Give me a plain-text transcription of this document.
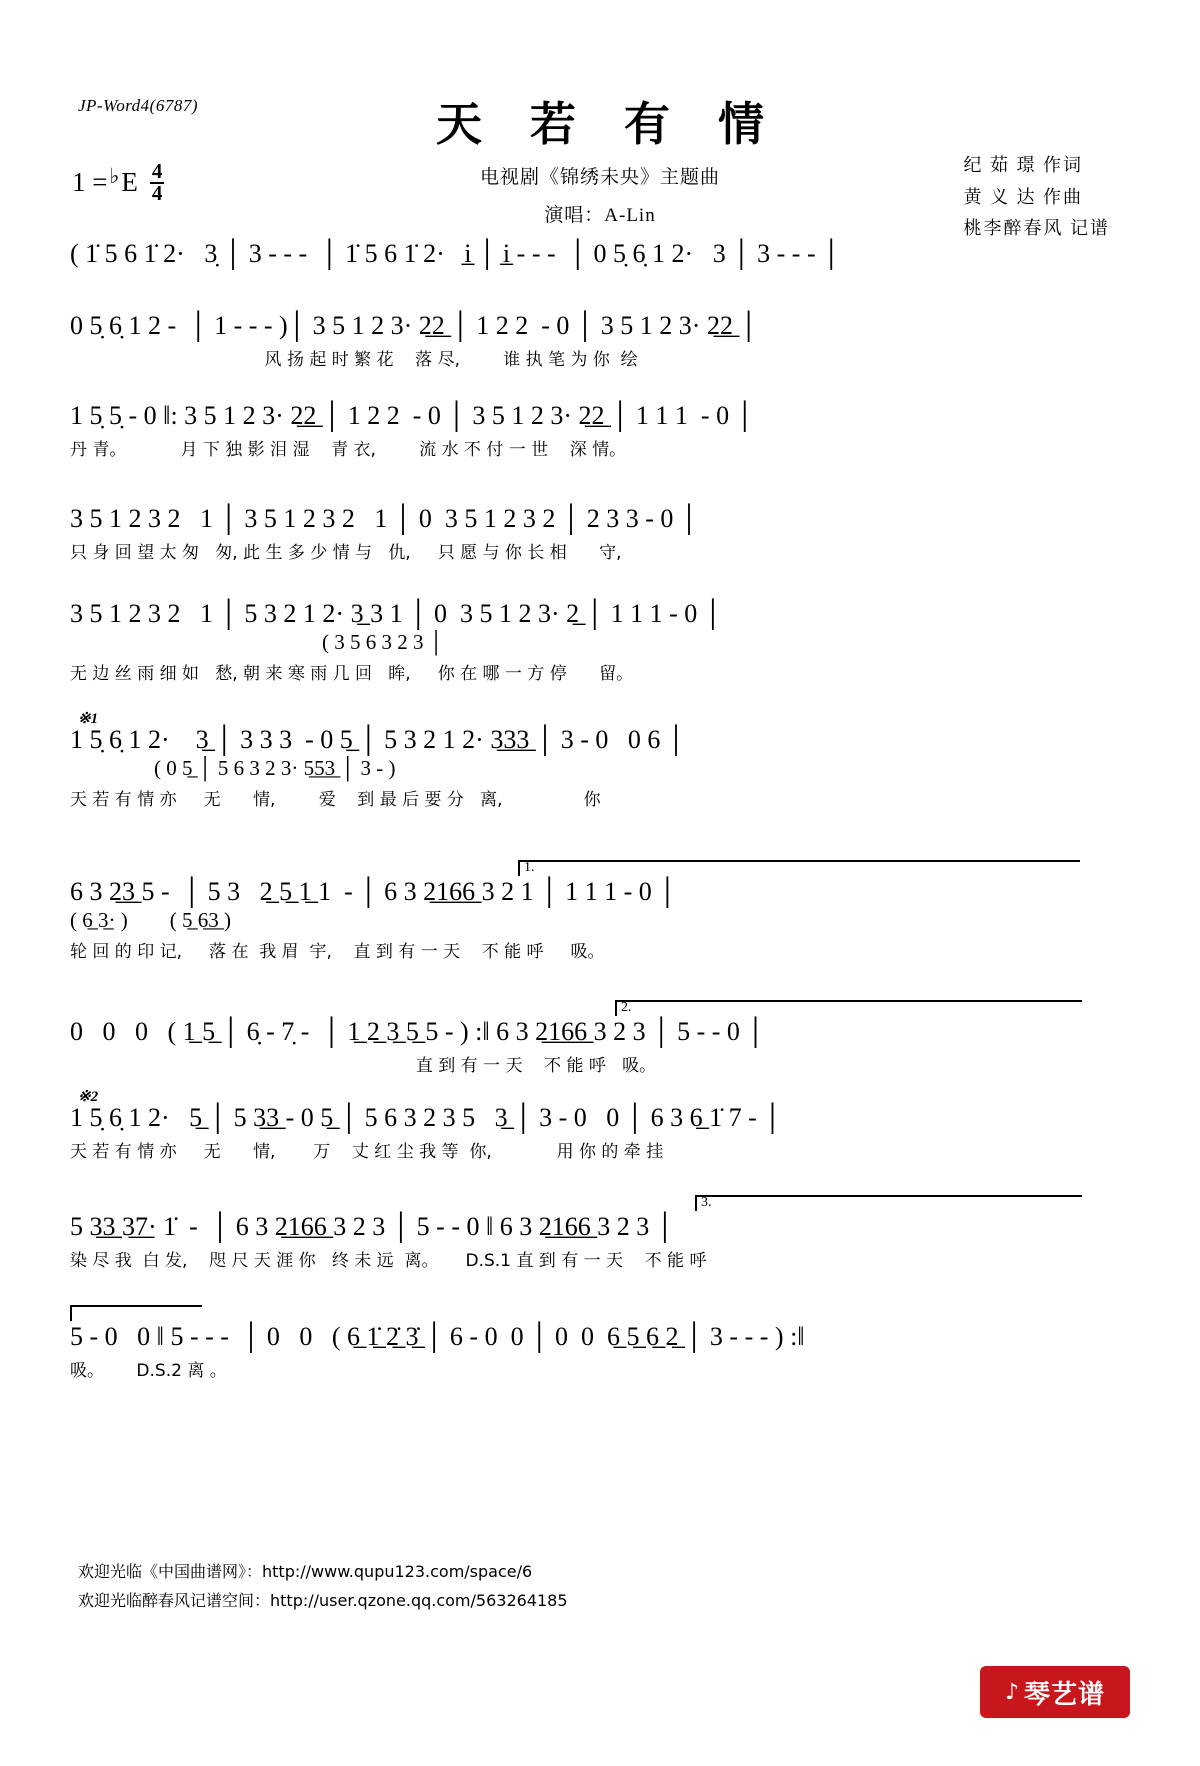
JP-Word4(6787)	天 若 有 情
电视剧《锦绣未央》主题曲
演唱：A-Lin
1 = ♭ E $\frac{4}{4}$	纪 茹 璟 作词
黄 义 达 作曲
桃李醉春风 记谱
( 1̇ 5 6 1̇ 2·   3̣ │ 3 - - -  │ 1̇ 5 6 1̇ 2·   i̲ │ i̲ - - -  │ 0 5̣ 6̣ 1 2·   3 │ 3 - - - │
0 5̣ 6̣ 1 2 -  │ 1 - - - )│ 3 5 1 2 3· 2̲2̲ │ 1 2 2  - 0 │ 3 5 1 2 3· 2̲2̲ │
风 扬 起 时 繁 花    落 尽,        谁 执 笔 为 你  绘
1 5̣ 5̣ - 0 ‖: 3 5 1 2 3· 2̲2̲ │ 1 2 2  - 0 │ 3 5 1 2 3· 2̲2̲ │ 1 1 1  - 0 │
丹 青。          月 下 独 影 泪 湿    青 衣,        流 水 不 付 一 世    深 情。
3 5 1 2 3 2   1 │ 3 5 1 2 3 2   1 │ 0  3 5 1 2 3 2 │ 2 3 3 - 0 │
只 身 回 望 太 匆   匆, 此 生 多 少 情 与   仇,     只 愿 与 你 长 相      守,
3 5 1 2 3 2   1 │ 5 3 2 1 2· 3̲ 3 1 │ 0  3 5 1 2 3· 2̲ │ 1 1 1 - 0 │
( 3 5 6 3 2 3 │
无 边 丝 雨 细 如   愁, 朝 来 寒 雨 几 回   眸,     你 在 哪 一 方 停      留。
※1
1 5̣ 6̣ 1 2·    3̲ │ 3 3 3  - 0 5̲ │ 5 3 2 1 2· 3̲3̲3̲ │ 3 - 0   0 6 │
( 0 5̲ │ 5 6 3 2 3· 5̲5̲3̲ │ 3 - )
天 若 有 情 亦     无      情,        爱    到 最 后 要 分   离,               你
1.
6 3 2̲3̲ 5 -  │ 5 3   2̲ 5̲ 1̲ 1  - │ 6 3 2̲1̲6̲6̲ 3 2 1 │ 1 1 1 - 0 │
( 6̲ 3̲· )        ( 5̲ 6̲3̲ )
轮 回 的 印 记,     落 在  我 眉  宇,    直 到 有 一 天    不 能 呼     吸。
2.
0   0   0   ( 1̲ 5̲ │ 6̣ - 7̣ -  │ 1̲ 2̲ 3̲ 5̲ 5 - ) :‖ 6 3 2̲1̲6̲6̲ 3 2 3 │ 5 - - 0 │
直 到 有 一 天    不 能 呼   吸。
※2
1 5̣ 6̣ 1 2·   5̲ │ 5 3̲3̲ - 0 5̲ │ 5 6 3 2 3 5   3̲ │ 3 - 0   0 │ 6 3 6̲ 1̇ 7 - │
天 若 有 情 亦     无      情,       万    丈 红 尘 我 等  你,            用 你 的 牵 挂
3.
5 3̲3̲ 3̲7̲· 1̇  -  │ 6 3 2̲1̲6̲6̲ 3 2 3 │ 5 - - 0 ‖ 6 3 2̲1̲6̲6̲ 3 2 3 │
染 尽 我  白 发,    咫 尺 天 涯 你   终 未 远  离。     D.S.1 直 到 有 一 天    不 能 呼
5 - 0   0 ‖ 5 - - -  │ 0   0   ( 6̲ 1̲̇ 2̲̇ 3̲̇ │ 6 - 0  0 │ 0  0  6̲ 5̲ 6̲ 2̲ │ 3 - - - ) :‖
吸。      D.S.2 离 。
欢迎光临《中国曲谱网》：http://www.qupu123.com/space/6
欢迎光临醉春风记谱空间：http://user.qzone.qq.com/563264185
♪ 琴艺谱
